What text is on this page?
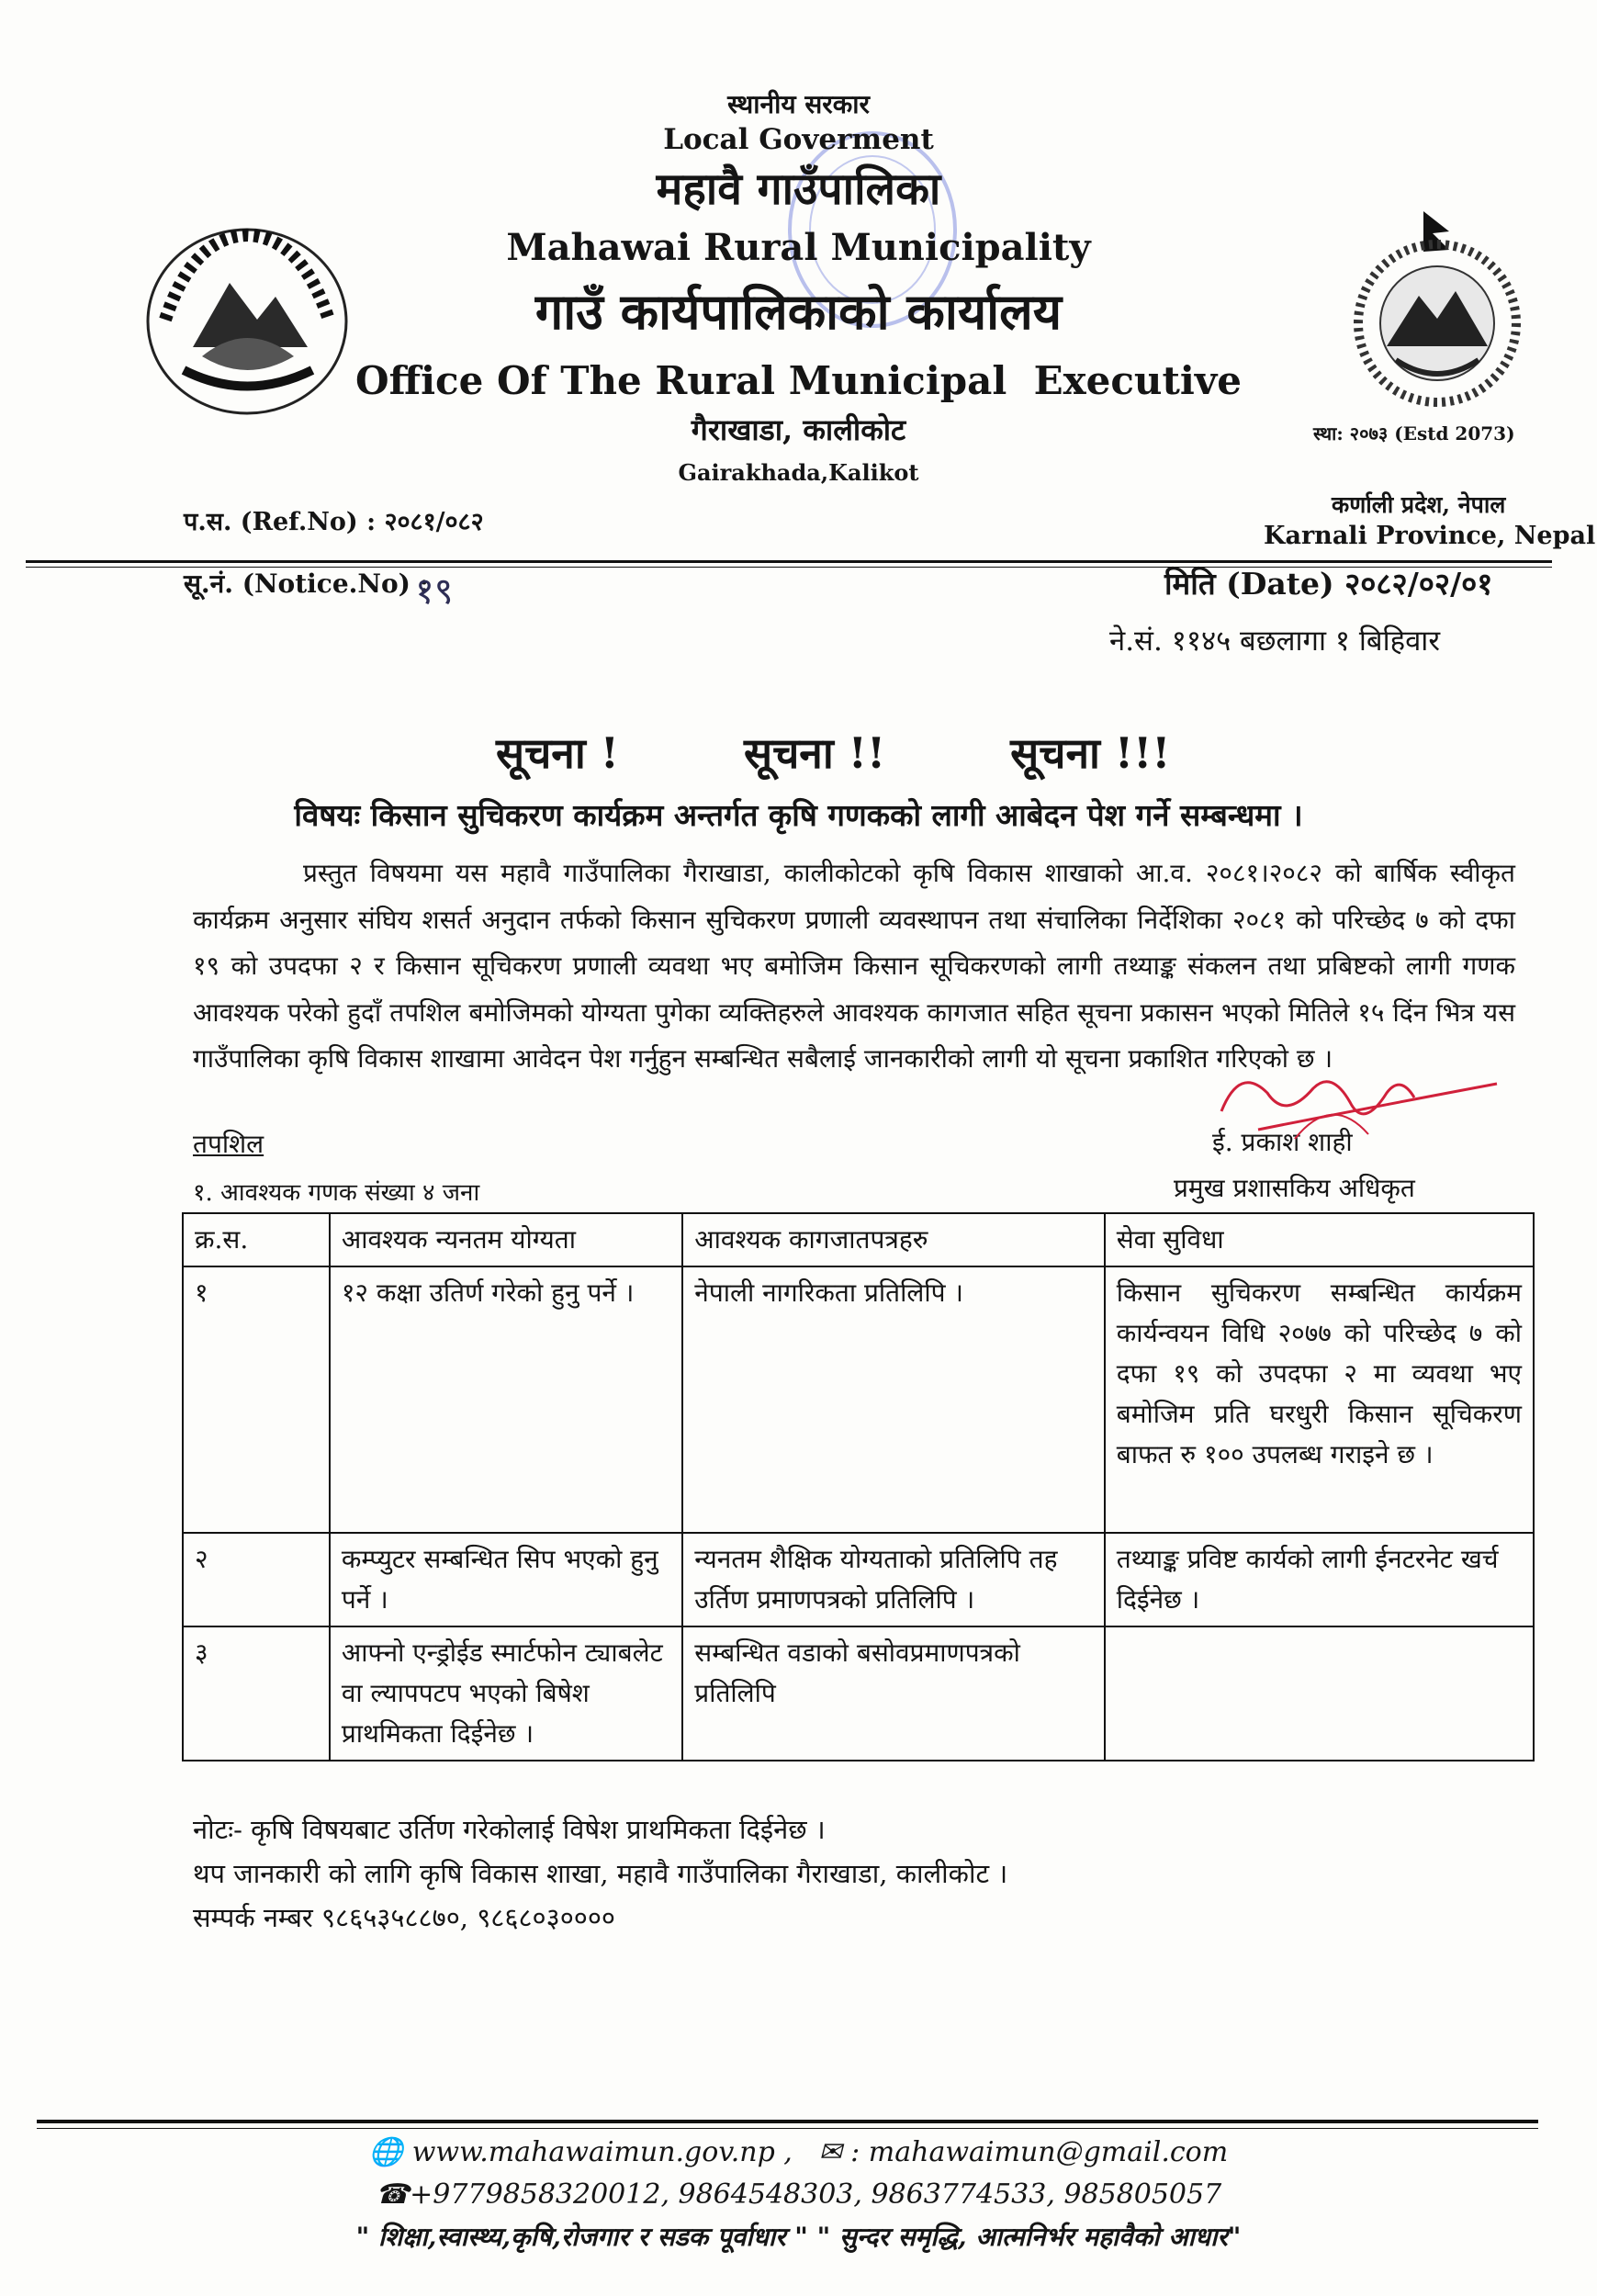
स्थानीय सरकार
Local Goverment
महावै गाउँपालिका
Mahawai Rural Municipality
गाउँ कार्यपालिकाको कार्यालय
Office Of The Rural Municipal  Executive
गैराखाडा, कालीकोट
Gairakhada,Kalikot
स्था: २०७३ (Estd 2073)
प.स. (Ref.No) : २०८१/०८२
कर्णाली प्रदेश, नेपाल
Karnali Province, Nepal
सू.नं. (Notice.No) :
१९	मिति (Date) २०८२/०२/०१
ने.सं. ११४५ बछलागा १ बिहिवार
सूचना !	सूचना !!	सूचना !!!
विषयः किसान सुचिकरण कार्यक्रम अन्तर्गत कृषि गणकको लागी आबेदन पेश गर्ने सम्बन्धमा ।
प्रस्तुत विषयमा यस महावै गाउँपालिका गैराखाडा, कालीकोटको कृषि विकास शाखाको आ.व. २०८१।२०८२ को बार्षिक स्वीकृत कार्यक्रम अनुसार संघिय शसर्त अनुदान तर्फको किसान सुचिकरण प्रणाली व्यवस्थापन तथा संचालिका निर्देशिका २०८१ को परिच्छेद ७ को दफा १९ को उपदफा २ र किसान सूचिकरण प्रणाली व्यवथा भए बमोजिम किसान सूचिकरणको लागी तथ्याङ्क संकलन तथा प्रबिष्टको लागी गणक आवश्यक परेको हुदाँ तपशिल बमोजिमको योग्यता पुगेका व्यक्तिहरुले आवश्यक कागजात सहित सूचना प्रकासन भएको मितिले १५ दिंन भित्र यस गाउँपालिका कृषि विकास शाखामा आवेदन पेश गर्नुहुन सम्बन्धित सबैलाई जानकारीको लागी यो सूचना प्रकाशित गरिएको छ ।
तपशिल
१. आवश्यक गणक संख्या ४ जना
ई. प्रकाश शाही
प्रमुख प्रशासकिय अधिकृत
क्र.स.	आवश्यक न्यनतम योग्यता	आवश्यक कागजातपत्रहरु	सेवा सुविधा
१	१२ कक्षा उतिर्ण गरेको हुनु पर्ने ।	नेपाली नागरिकता प्रतिलिपि ।	किसान सुचिकरण सम्बन्धित कार्यक्रम कार्यन्वयन विधि २०७७ को परिच्छेद ७ को दफा १९ को उपदफा २ मा व्यवथा भए बमोजिम प्रति घरधुरी किसान सूचिकरण बाफत रु १०० उपलब्ध गराइने छ ।
२	कम्प्युटर सम्बन्धित सिप भएको हुनु पर्ने ।	न्यनतम शैक्षिक योग्यताको प्रतिलिपि तह उर्तिण प्रमाणपत्रको प्रतिलिपि ।	तथ्याङ्क प्रविष्ट कार्यको लागी ईनटरनेट खर्च दिईनेछ ।
३	आफ्नो एन्ड्रोईड स्मार्टफोन ट्याबलेट वा ल्यापपटप भएको बिषेश प्राथमिकता दिईनेछ ।	सम्बन्धित वडाको बसोवप्रमाणपत्रको प्रतिलिपि	
नोटः- कृषि विषयबाट उर्तिण गरेकोलाई विषेश प्राथमिकता दिईनेछ ।
थप जानकारी को लागि कृषि विकास शाखा, महावै गाउँपालिका गैराखाडा, कालीकोट ।
सम्पर्क नम्बर ९८६५३५८८७०, ९८६८०३००००
🌐 www.mahawaimun.gov.np , ✉ : mahawaimun@gmail.com
☎+9779858320012, 9864548303, 9863774533, 985805057
" शिक्षा,स्वास्थ्य,कृषि,रोजगार र सडक पूर्वाधार " " सुन्दर समृद्धि, आत्मनिर्भर महावैको आधार"
